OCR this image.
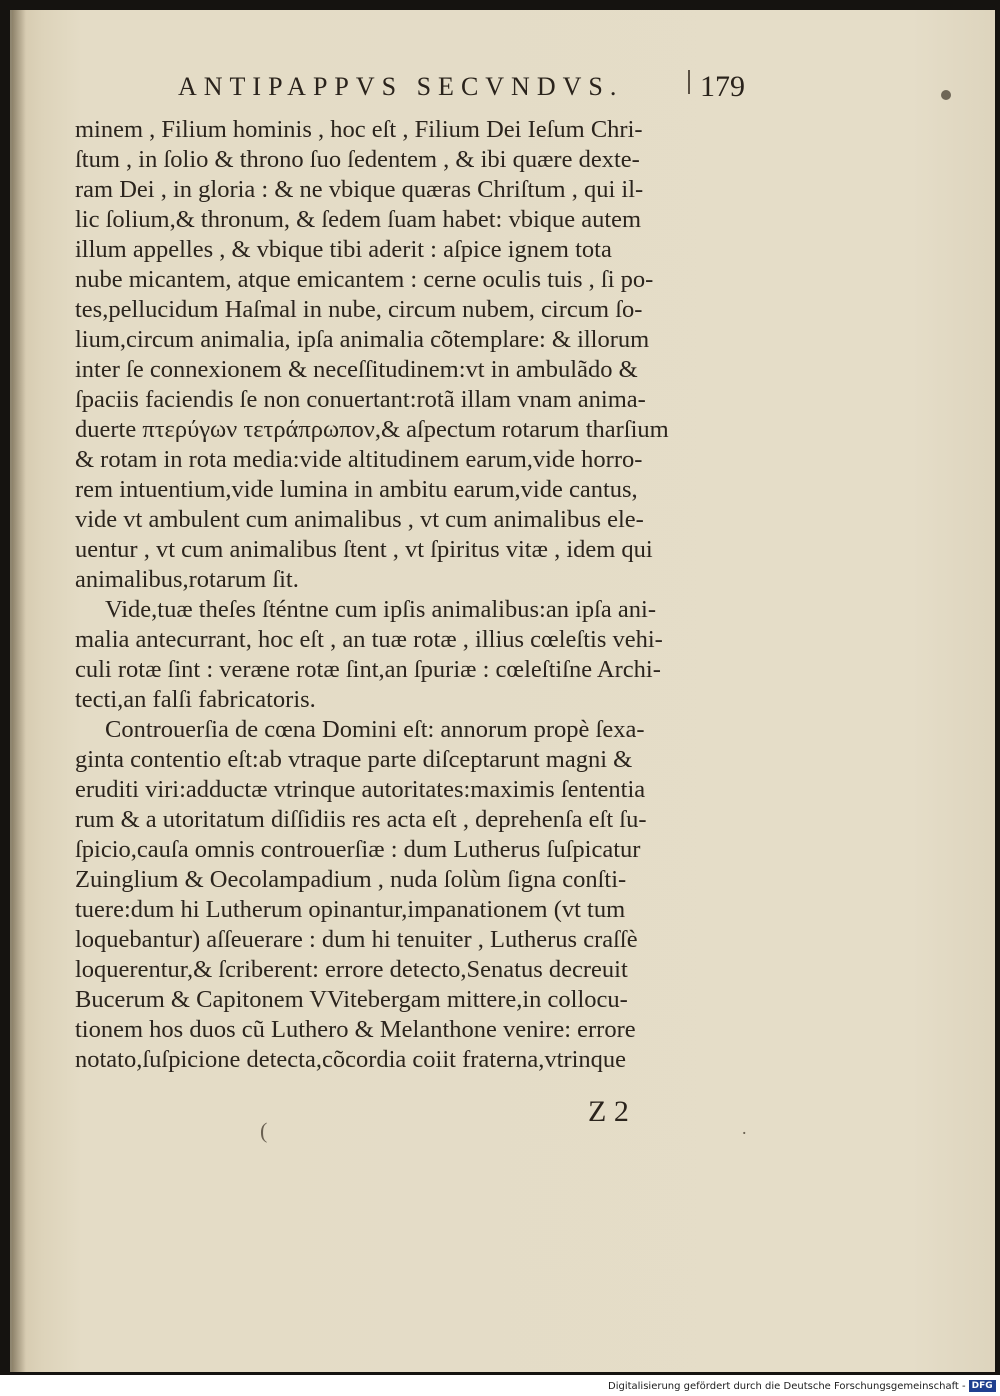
ANTIPAPPVS SECVNDVS.	179
minem , Filium hominis , hoc eſt , Filium Dei Ieſum Chri-
ſtum , in ſolio & throno ſuo ſedentem , & ibi quære dexte-
ram Dei , in gloria : & ne vbique quæras Chriſtum , qui il-
lic ſolium,& thronum, & ſedem ſuam habet: vbique autem
illum appelles , & vbique tibi aderit : aſpice ignem tota
nube micantem, atque emicantem : cerne oculis tuis , ſi po-
tes,pellucidum Haſmal in nube, circum nubem, circum ſo-
lium,circum animalia, ipſa animalia cõtemplare: & illorum
inter ſe connexionem & neceſſitudinem:vt in ambulãdo &
ſpaciis faciendis ſe non conuertant:rotã illam vnam anima-
duerte πτερύγων τετράπρωπον,& aſpectum rotarum tharſium
& rotam in rota media:vide altitudinem earum,vide horro-
rem intuentium,vide lumina in ambitu earum,vide cantus,
vide vt ambulent cum animalibus , vt cum animalibus ele-
uentur , vt cum animalibus ſtent , vt ſpiritus vitæ , idem qui
animalibus,rotarum ſit.
Vide,tuæ theſes ſténtne cum ipſis animalibus:an ipſa ani-
malia antecurrant, hoc eſt , an tuæ rotæ , illius cœleſtis vehi-
culi rotæ ſint : veræne rotæ ſint,an ſpuriæ : cœleſtiſne Archi-
tecti,an falſi fabricatoris.
Controuerſia de cœna Domini eſt: annorum propè ſexa-
ginta contentio eſt:ab vtraque parte diſceptarunt magni &
eruditi viri:adductæ vtrinque autoritates:maximis ſententia
rum & a utoritatum diſſidiis res acta eſt , deprehenſa eſt ſu-
ſpicio,cauſa omnis controuerſiæ : dum Lutherus ſuſpicatur
Zuinglium & Oecolampadium , nuda ſolùm ſigna conſti-
tuere:dum hi Lutherum opinantur,impanationem (vt tum
loquebantur) aſſeuerare : dum hi tenuiter , Lutherus craſſè
loquerentur,& ſcriberent: errore detecto,Senatus decreuit
Bucerum & Capitonem VVitebergam mittere,in collocu-
tionem hos duos cũ Luthero & Melanthone venire: errore
notato,ſuſpicione detecta,cõcordia coiit fraterna,vtrinque
Z 2
(	.
Digitalisierung gefördert durch die Deutsche Forschungsgemeinschaft - DFG
